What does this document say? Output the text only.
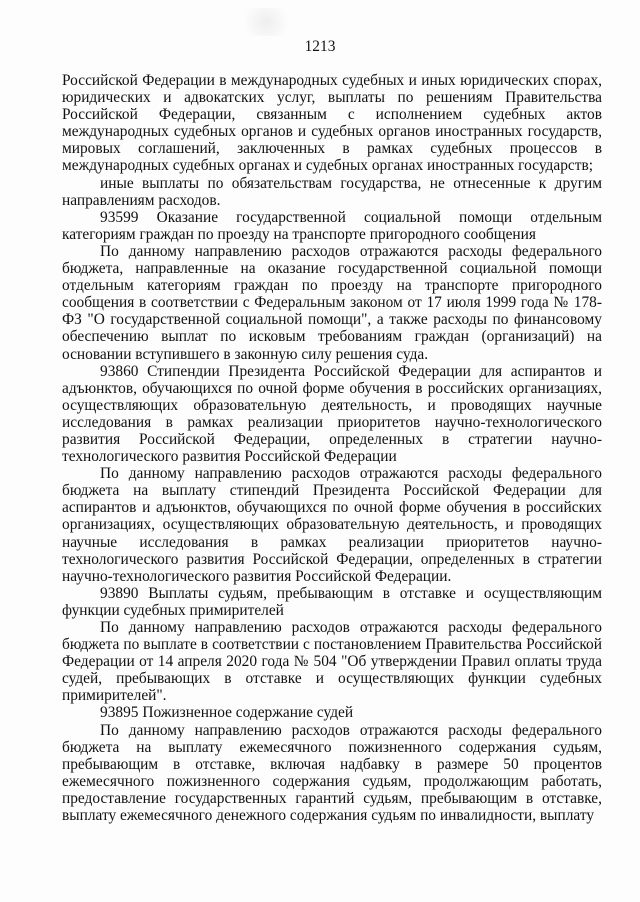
1213

Российской Федерации в международных судебных и иных юридических спорах, юридических и адвокатских услуг, выплаты по решениям Правительства Российской Федерации, связанным с исполнением судебных актов международных судебных органов и судебных органов иностранных государств, мировых соглашений, заключенных в рамках судебных процессов в международных судебных органах и судебных органах иностранных государств;

иные выплаты по обязательствам государства, не отнесенные к другим направлениям расходов.

93599 Оказание государственной социальной помощи отдельным категориям граждан по проезду на транспорте пригородного сообщения

По данному направлению расходов отражаются расходы федерального бюджета, направленные на оказание государственной социальной помощи отдельным категориям граждан по проезду на транспорте пригородного сообщения в соответствии с Федеральным законом от 17 июля 1999 года № 178-ФЗ "О государственной социальной помощи", а также расходы по финансовому обеспечению выплат по исковым требованиям граждан (организаций) на основании вступившего в законную силу решения суда.

93860 Стипендии Президента Российской Федерации для аспирантов и адъюнктов, обучающихся по очной форме обучения в российских организациях, осуществляющих образовательную деятельность, и проводящих научные исследования в рамках реализации приоритетов научно-технологического развития Российской Федерации, определенных в стратегии научно-технологического развития Российской Федерации

По данному направлению расходов отражаются расходы федерального бюджета на выплату стипендий Президента Российской Федерации для аспирантов и адъюнктов, обучающихся по очной форме обучения в российских организациях, осуществляющих образовательную деятельность, и проводящих научные исследования в рамках реализации приоритетов научно-технологического развития Российской Федерации, определенных в стратегии научно-технологического развития Российской Федерации.

93890 Выплаты судьям, пребывающим в отставке и осуществляющим функции судебных примирителей

По данному направлению расходов отражаются расходы федерального бюджета по выплате в соответствии с постановлением Правительства Российской Федерации от 14 апреля 2020 года № 504 "Об утверждении Правил оплаты труда судей, пребывающих в отставке и осуществляющих функции судебных примирителей".

93895 Пожизненное содержание судей

По данному направлению расходов отражаются расходы федерального бюджета на выплату ежемесячного пожизненного содержания судьям, пребывающим в отставке, включая надбавку в размере 50 процентов ежемесячного пожизненного содержания судьям, продолжающим работать, предоставление государственных гарантий судьям, пребывающим в отставке, выплату ежемесячного денежного содержания судьям по инвалидности, выплату
